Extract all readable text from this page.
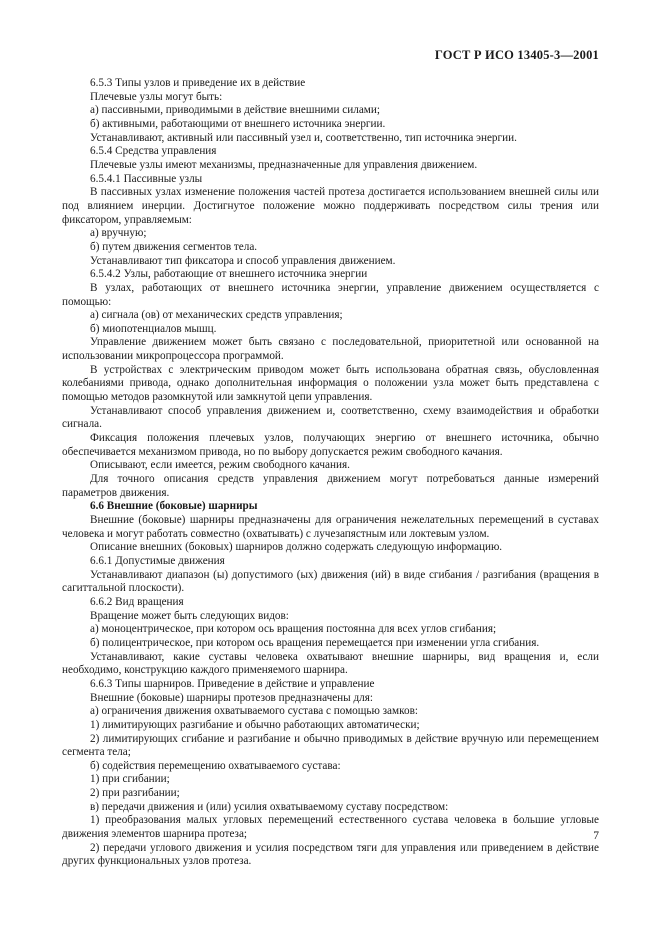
ГОСТ Р ИСО 13405-3—2001

6.5.3 Типы узлов и приведение их в действие

Плечевые узлы могут быть:

а) пассивными, приводимыми в действие внешними силами;

б) активными, работающими от внешнего источника энергии.

Устанавливают, активный или пассивный узел и, соответственно, тип источника энергии.

6.5.4 Средства управления

Плечевые узлы имеют механизмы, предназначенные для управления движением.

6.5.4.1 Пассивные узлы

В пассивных узлах изменение положения частей протеза достигается использованием внешней силы или под влиянием инерции. Достигнутое положение можно поддерживать посредством силы трения или фиксатором, управляемым:

а) вручную;

б) путем движения сегментов тела.

Устанавливают тип фиксатора и способ управления движением.

6.5.4.2 Узлы, работающие от внешнего источника энергии

В узлах, работающих от внешнего источника энергии, управление движением осуществляется с помощью:

а) сигнала (ов) от механических средств управления;

б) миопотенциалов мышц.

Управление движением может быть связано с последовательной, приоритетной или основанной на использовании микропроцессора программой.

В устройствах с электрическим приводом может быть использована обратная связь, обусловленная колебаниями привода, однако дополнительная информация о положении узла может быть представлена с помощью методов разомкнутой или замкнутой цепи управления.

Устанавливают способ управления движением и, соответственно, схему взаимодействия и обработки сигнала.

Фиксация положения плечевых узлов, получающих энергию от внешнего источника, обычно обеспечивается механизмом привода, но по выбору допускается режим свободного качания.

Описывают, если имеется, режим свободного качания.

Для точного описания средств управления движением могут потребоваться данные измерений параметров движения.

6.6 Внешние (боковые) шарниры

Внешние (боковые) шарниры предназначены для ограничения нежелательных перемещений в суставах человека и могут работать совместно (охватывать) с лучезапястным или локтевым узлом.

Описание внешних (боковых) шарниров должно содержать следующую информацию.

6.6.1 Допустимые движения

Устанавливают диапазон (ы) допустимого (ых) движения (ий) в виде сгибания / разгибания (вращения в сагиттальной плоскости).

6.6.2 Вид вращения

Вращение может быть следующих видов:

а) моноцентрическое, при котором ось вращения постоянна для всех углов сгибания;

б) полицентрическое, при котором ось вращения перемещается при изменении угла сгибания.

Устанавливают, какие суставы человека охватывают внешние шарниры, вид вращения и, если необходимо, конструкцию каждого применяемого шарнира.

6.6.3 Типы шарниров. Приведение в действие и управление

Внешние (боковые) шарниры протезов предназначены для:

а) ограничения движения охватываемого сустава с помощью замков:

1) лимитирующих разгибание и обычно работающих автоматически;

2) лимитирующих сгибание и разгибание и обычно приводимых в действие вручную или перемещением сегмента тела;

б) содействия перемещению охватываемого сустава:

1) при сгибании;

2) при разгибании;

в) передачи движения и (или) усилия охватываемому суставу посредством:

1) преобразования малых угловых перемещений естественного сустава человека в большие угловые движения элементов шарнира протеза;

2) передачи углового движения и усилия посредством тяги для управления или приведением в действие других функциональных узлов протеза.

7
